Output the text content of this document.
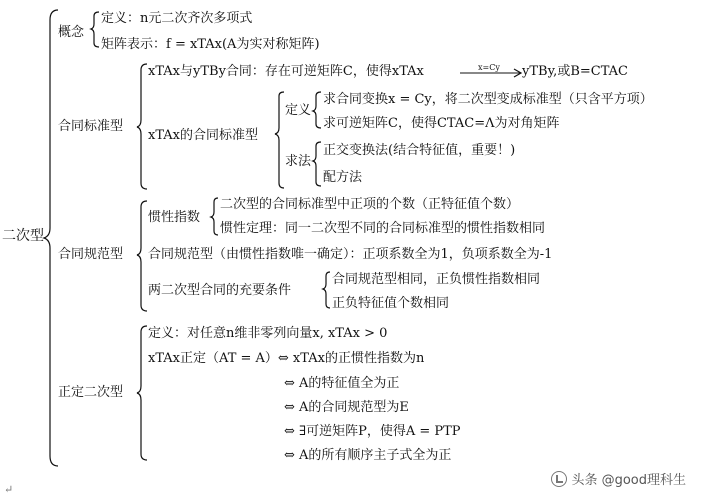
二次型
概念
定义：n元二次齐次多项式
矩阵表示：f = xTAx(A为实对称矩阵)
合同标准型
xTAx与yTBy合同：存在可逆矩阵C，使得xTAx	x=Cy yTBy,或B=CTAC
xTAx的合同标准型
定义
求合同变换x = Cy，将二次型变成标准型（只含平方项）
求可逆矩阵C，使得CTAC=Λ为对角矩阵
求法
正交变换法(结合特征值，重要！)
配方法
合同规范型
惯性指数
二次型的合同标准型中正项的个数（正特征值个数）
惯性定理：同一二次型不同的合同标准型的惯性指数相同
合同规范型（由惯性指数唯一确定）：正项系数全为1，负项系数全为-1
两二次型合同的充要条件
合同规范型相同，正负惯性指数相同
正负特征值个数相同
正定二次型
定义：对任意n维非零列向量x, xTAx > 0
xTAx正定（AT = A）⇔ xTAx的正惯性指数为n
⇔ A的特征值全为正
⇔ A的合同规范型为E
⇔ ∃可逆矩阵P，使得A = PTP
⇔ A的所有顺序主子式全为正
头条 @good理科生
↵
